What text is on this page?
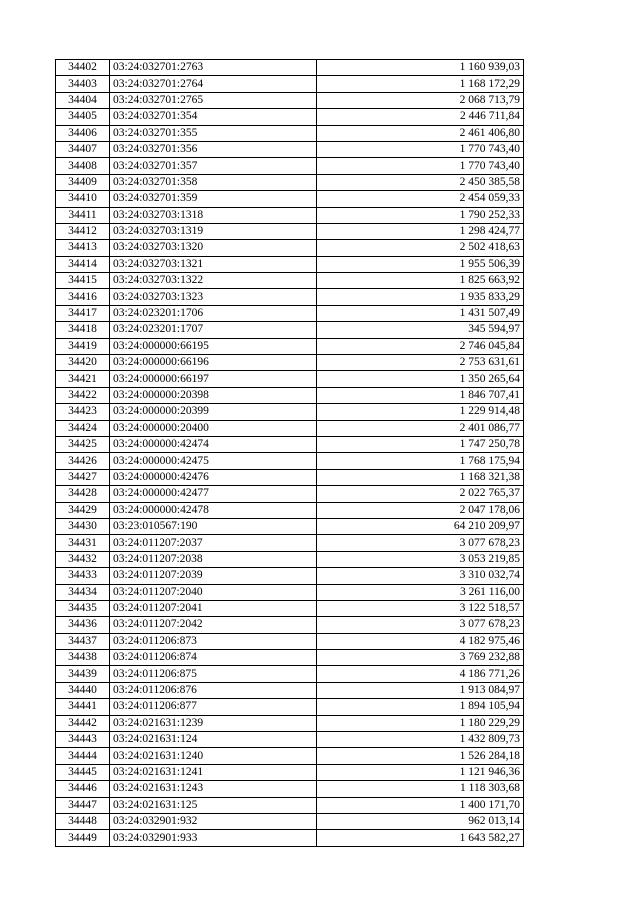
34402	03:24:032701:2763	1 160 939,03
34403	03:24:032701:2764	1 168 172,29
34404	03:24:032701:2765	2 068 713,79
34405	03:24:032701:354	2 446 711,84
34406	03:24:032701:355	2 461 406,80
34407	03:24:032701:356	1 770 743,40
34408	03:24:032701:357	1 770 743,40
34409	03:24:032701:358	2 450 385,58
34410	03:24:032701:359	2 454 059,33
34411	03:24:032703:1318	1 790 252,33
34412	03:24:032703:1319	1 298 424,77
34413	03:24:032703:1320	2 502 418,63
34414	03:24:032703:1321	1 955 506,39
34415	03:24:032703:1322	1 825 663,92
34416	03:24:032703:1323	1 935 833,29
34417	03:24:023201:1706	1 431 507,49
34418	03:24:023201:1707	345 594,97
34419	03:24:000000:66195	2 746 045,84
34420	03:24:000000:66196	2 753 631,61
34421	03:24:000000:66197	1 350 265,64
34422	03:24:000000:20398	1 846 707,41
34423	03:24:000000:20399	1 229 914,48
34424	03:24:000000:20400	2 401 086,77
34425	03:24:000000:42474	1 747 250,78
34426	03:24:000000:42475	1 768 175,94
34427	03:24:000000:42476	1 168 321,38
34428	03:24:000000:42477	2 022 765,37
34429	03:24:000000:42478	2 047 178,06
34430	03:23:010567:190	64 210 209,97
34431	03:24:011207:2037	3 077 678,23
34432	03:24:011207:2038	3 053 219,85
34433	03:24:011207:2039	3 310 032,74
34434	03:24:011207:2040	3 261 116,00
34435	03:24:011207:2041	3 122 518,57
34436	03:24:011207:2042	3 077 678,23
34437	03:24:011206:873	4 182 975,46
34438	03:24:011206:874	3 769 232,88
34439	03:24:011206:875	4 186 771,26
34440	03:24:011206:876	1 913 084,97
34441	03:24:011206:877	1 894 105,94
34442	03:24:021631:1239	1 180 229,29
34443	03:24:021631:124	1 432 809,73
34444	03:24:021631:1240	1 526 284,18
34445	03:24:021631:1241	1 121 946,36
34446	03:24:021631:1243	1 118 303,68
34447	03:24:021631:125	1 400 171,70
34448	03:24:032901:932	962 013,14
34449	03:24:032901:933	1 643 582,27
